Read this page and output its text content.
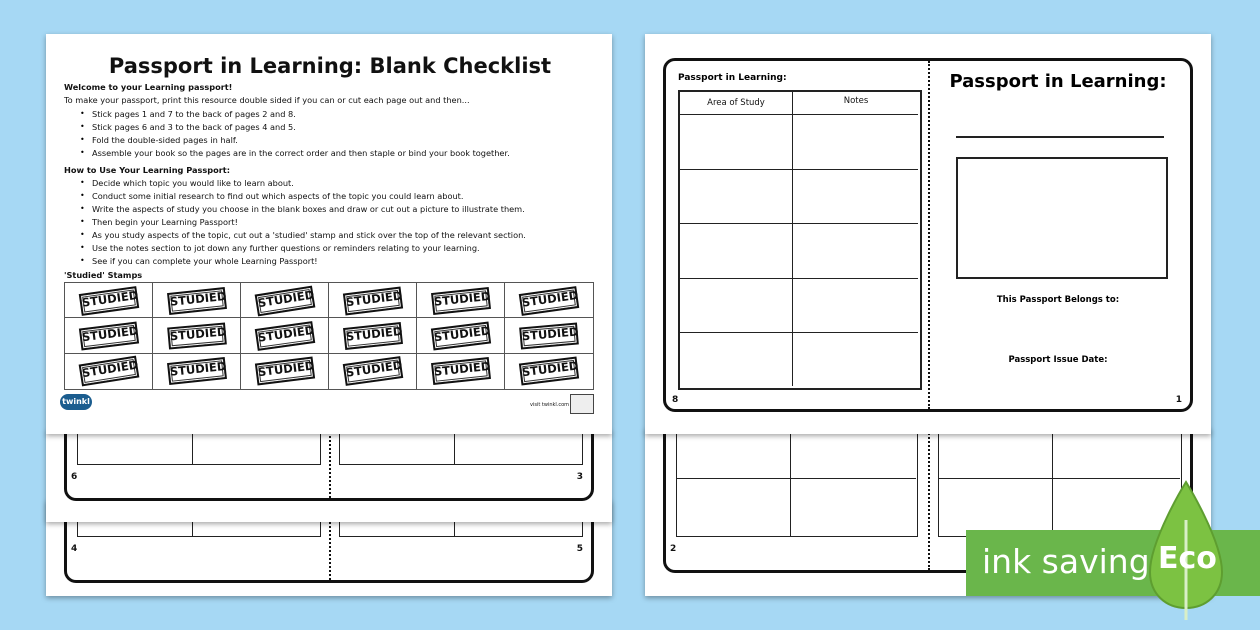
4	5
6	3
Passport in Learning: Blank Checklist
Welcome to your Learning passport!
To make your passport, print this resource double sided if you can or cut each page out and then...
• Stick pages 1 and 7 to the back of pages 2 and 8.
• Stick pages 6 and 3 to the back of pages 4 and 5.
• Fold the double-sided pages in half.
• Assemble your book so the pages are in the correct order and then staple or bind your book together.
How to Use Your Learning Passport:
• Decide which topic you would like to learn about.
• Conduct some initial research to find out which aspects of the topic you could learn about.
• Write the aspects of study you choose in the blank boxes and draw or cut out a picture to illustrate them.
• Then begin your Learning Passport!
• As you study aspects of the topic, cut out a 'studied' stamp and stick over the top of the relevant section.
• Use the notes section to jot down any further questions or reminders relating to your learning.
• See if you can complete your whole Learning Passport!
'Studied' Stamps
STUDIED	STUDIED	STUDIED	STUDIED	STUDIED	STUDIED
STUDIED	STUDIED	STUDIED	STUDIED	STUDIED	STUDIED
STUDIED	STUDIED	STUDIED	STUDIED	STUDIED	STUDIED
twinkl	visit twinkl.com
2
Passport in Learning:
Area of Study	Notes
8
Passport in Learning:
This Passport Belongs to:
Passport Issue Date:
1
ink saving Eco
